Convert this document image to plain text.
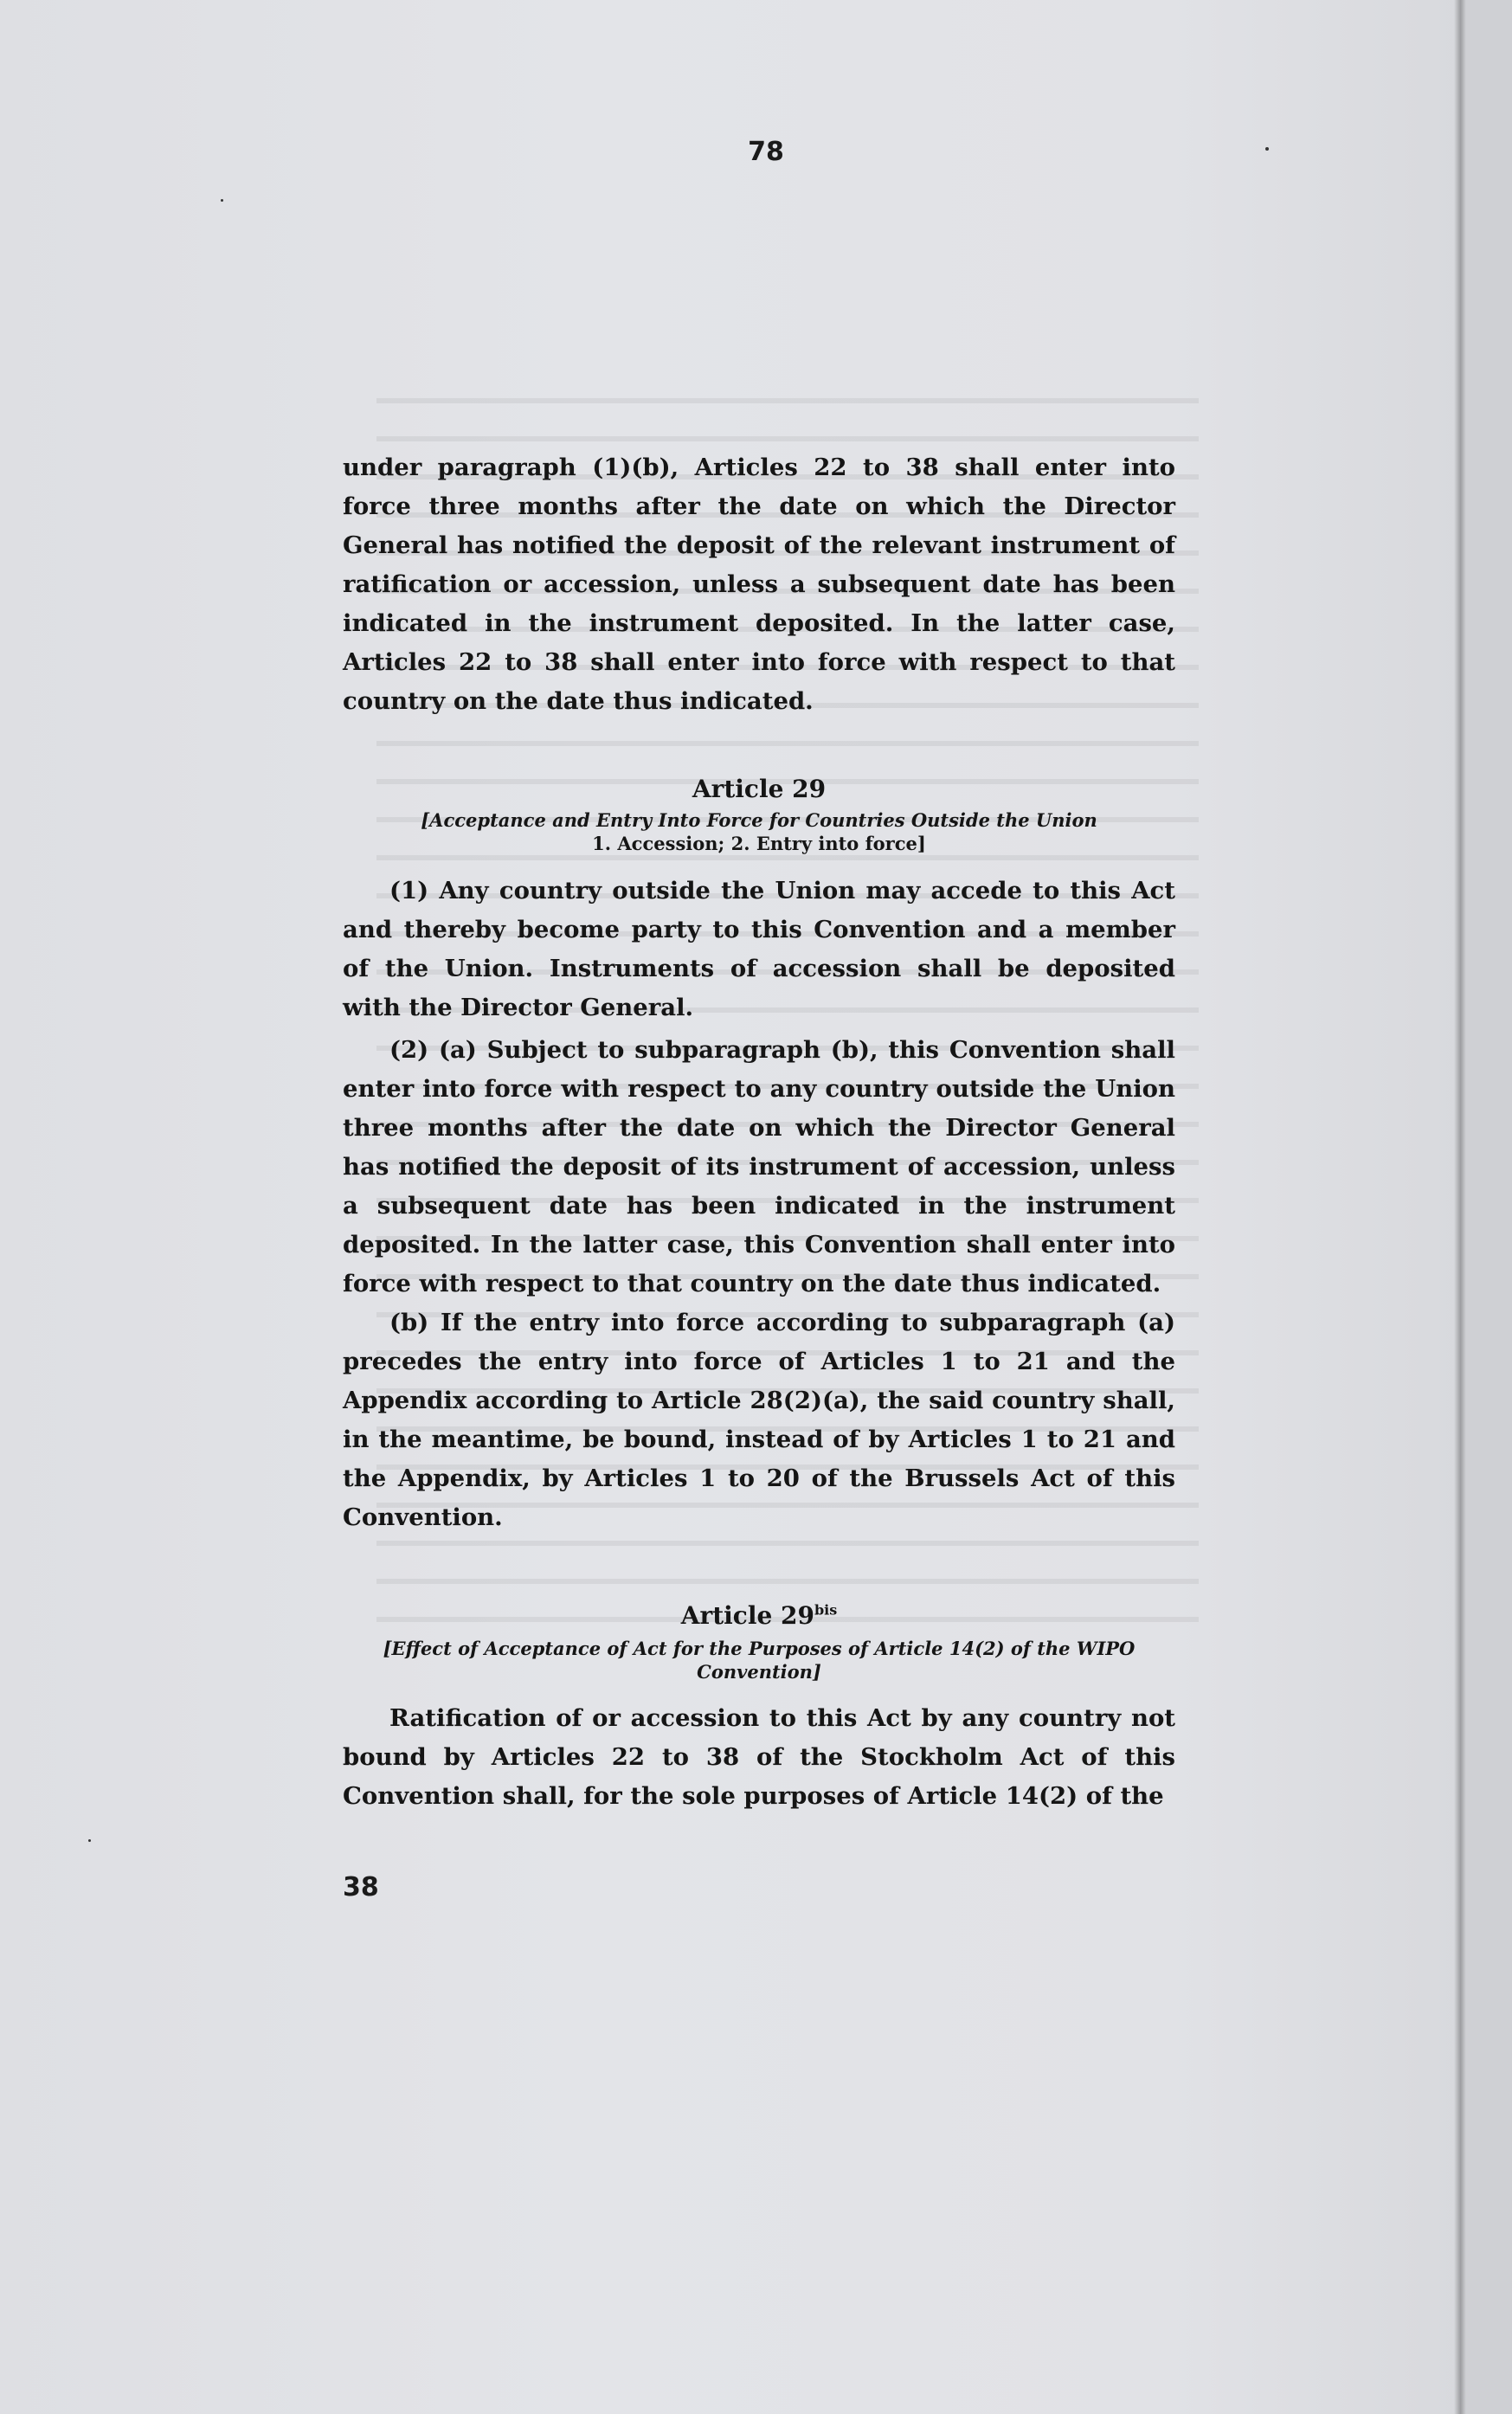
78

under paragraph (1)(b), Articles 22 to 38 shall enter into force three months after the date on which the Director General has notified the deposit of the relevant instrument of ratification or accession, unless a subsequent date has been indicated in the instrument deposited. In the latter case, Articles 22 to 38 shall enter into force with respect to that country on the date thus indicated.

Article 29

[Acceptance and Entry Into Force for Countries Outside the Union
1. Accession; 2. Entry into force]

(1) Any country outside the Union may accede to this Act and thereby become party to this Convention and a member of the Union. Instruments of accession shall be deposited with the Director General.

(2) (a) Subject to subparagraph (b), this Convention shall enter into force with respect to any country outside the Union three months after the date on which the Director General has notified the deposit of its instrument of accession, unless a subsequent date has been indicated in the instrument deposited. In the latter case, this Convention shall enter into force with respect to that country on the date thus indicated.

(b) If the entry into force according to subparagraph (a) precedes the entry into force of Articles 1 to 21 and the Appendix according to Article 28(2)(a), the said country shall, in the meantime, be bound, instead of by Articles 1 to 21 and the Appendix, by Articles 1 to 20 of the Brussels Act of this Convention.

Article $29^{bis}$

[Effect of Acceptance of Act for the Purposes of Article 14(2) of the WIPO Convention]

Ratification of or accession to this Act by any country not bound by Articles 22 to 38 of the Stockholm Act of this Convention shall, for the sole purposes of Article 14(2) of the

38
